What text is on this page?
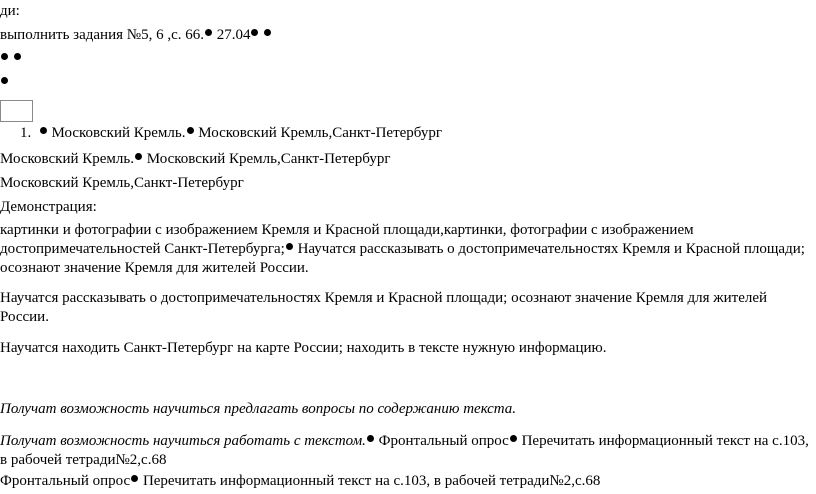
ди:
выполнить задания №5, 6 ,с. 66. 27.04

1. Московский Кремль. Московский Кремль,Санкт-Петербург
Московский Кремль. Московский Кремль,Санкт-Петербург
Московский Кремль,Санкт-Петербург
Демонстрация:
картинки и фотографии с изображением Кремля и Красной площади,картинки, фотографии с изображением достопримечательностей Санкт-Петербурга; Научатся рассказывать о достопримечательностях Кремля и Красной площади; осознают значение Кремля для жителей России.
Научатся рассказывать о достопримечательностях Кремля и Красной площади; осознают значение Кремля для жителей России.
Научатся находить Санкт-Петербург на карте России; находить в тексте нужную информацию.
Получат возможность научиться предлагать вопросы по содержанию текста.
Получат возможность научиться работать с текстом. Фронтальный опрос Перечитать информационный текст на с.103, в рабочей тетради№2,с.68
Фронтальный опрос Перечитать информационный текст на с.103, в рабочей тетради№2,с.68
